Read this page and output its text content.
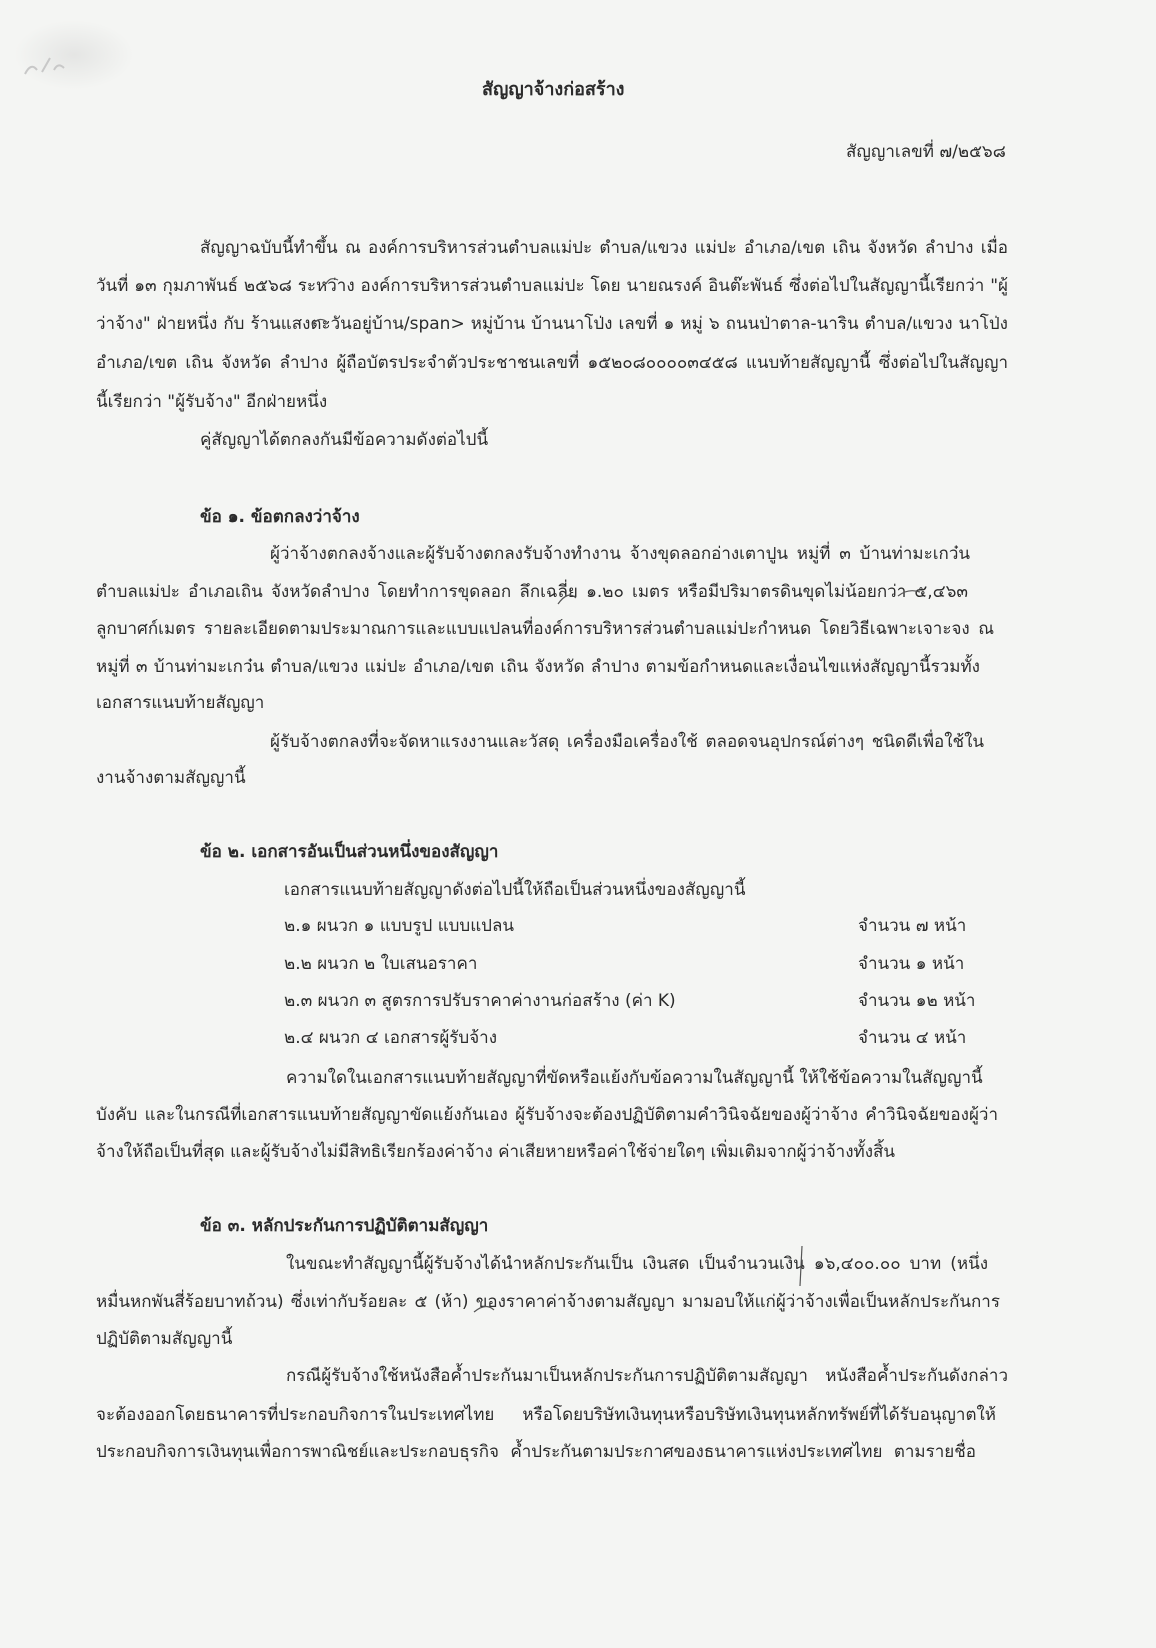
สัญญาจ้างก่อสร้าง
สัญญาเลขที่ ๗/๒๕๖๘
สัญญาฉบับนี้ทำขึ้น ณ องค์การบริหารส่วนตำบลแม่ปะ ตำบล/แขวง แม่ปะ อำเภอ/เขต เถิน จังหวัด ลำปาง เมื่อ
วันที่ ๑๓ กุมภาพันธ์ ๒๕๖๘ ระหว่าง องค์การบริหารส่วนตำบลแม่ปะ โดย นายณรงค์ อินต๊ะพันธ์ ซึ่งต่อไปในสัญญานี้เรียกว่า "ผู้
ว่าจ้าง" ฝ่ายหนึ่ง กับ ร้านแสงตะวันอยู่บ้าน/span> หมู่บ้าน บ้านนาโป่ง เลขที่ ๑ หมู่ ๖ ถนนป่าตาล-นาริน ตำบล/แขวง นาโป่ง
อำเภอ/เขต เถิน จังหวัด ลำปาง ผู้ถือบัตรประจำตัวประชาชนเลขที่ ๑๕๒๐๘๐๐๐๐๓๔๕๘ แนบท้ายสัญญานี้ ซึ่งต่อไปในสัญญา
นี้เรียกว่า "ผู้รับจ้าง" อีกฝ่ายหนึ่ง
คู่สัญญาได้ตกลงกันมีข้อความดังต่อไปนี้
ข้อ ๑. ข้อตกลงว่าจ้าง
ผู้ว่าจ้างตกลงจ้างและผู้รับจ้างตกลงรับจ้างทำงาน จ้างขุดลอกอ่างเตาปูน หมู่ที่ ๓ บ้านท่ามะเกว๋น
ตำบลแม่ปะ อำเภอเถิน จังหวัดลำปาง โดยทำการขุดลอก ลึกเฉลี่ย ๑.๒๐ เมตร หรือมีปริมาตรดินขุดไม่น้อยกว่า ๕,๔๖๓
ลูกบาศก์เมตร รายละเอียดตามประมาณการและแบบแปลนที่องค์การบริหารส่วนตำบลแม่ปะกำหนด โดยวิธีเฉพาะเจาะจง ณ
หมู่ที่ ๓ บ้านท่ามะเกว๋น ตำบล/แขวง แม่ปะ อำเภอ/เขต เถิน จังหวัด ลำปาง ตามข้อกำหนดและเงื่อนไขแห่งสัญญานี้รวมทั้ง
เอกสารแนบท้ายสัญญา
ผู้รับจ้างตกลงที่จะจัดหาแรงงานและวัสดุ เครื่องมือเครื่องใช้ ตลอดจนอุปกรณ์ต่างๆ ชนิดดีเพื่อใช้ใน
งานจ้างตามสัญญานี้
ข้อ ๒. เอกสารอันเป็นส่วนหนึ่งของสัญญา
เอกสารแนบท้ายสัญญาดังต่อไปนี้ให้ถือเป็นส่วนหนึ่งของสัญญานี้
๒.๑ ผนวก ๑ แบบรูป แบบแปลน	จำนวน ๗ หน้า
๒.๒ ผนวก ๒ ใบเสนอราคา	จำนวน ๑ หน้า
๒.๓ ผนวก ๓ สูตรการปรับราคาค่างานก่อสร้าง (ค่า K)	จำนวน ๑๒ หน้า
๒.๔ ผนวก ๔ เอกสารผู้รับจ้าง	จำนวน ๔ หน้า
ความใดในเอกสารแนบท้ายสัญญาที่ขัดหรือแย้งกับข้อความในสัญญานี้ ให้ใช้ข้อความในสัญญานี้
บังคับ และในกรณีที่เอกสารแนบท้ายสัญญาขัดแย้งกันเอง ผู้รับจ้างจะต้องปฏิบัติตามคำวินิจฉัยของผู้ว่าจ้าง คำวินิจฉัยของผู้ว่า
จ้างให้ถือเป็นที่สุด และผู้รับจ้างไม่มีสิทธิเรียกร้องค่าจ้าง ค่าเสียหายหรือค่าใช้จ่ายใดๆ เพิ่มเติมจากผู้ว่าจ้างทั้งสิ้น
ข้อ ๓. หลักประกันการปฏิบัติตามสัญญา
ในขณะทำสัญญานี้ผู้รับจ้างได้นำหลักประกันเป็น เงินสด เป็นจำนวนเงิน ๑๖,๔๐๐.๐๐ บาท (หนึ่ง
หมื่นหกพันสี่ร้อยบาทถ้วน) ซึ่งเท่ากับร้อยละ ๕ (ห้า) ของราคาค่าจ้างตามสัญญา มามอบให้แก่ผู้ว่าจ้างเพื่อเป็นหลักประกันการ
ปฏิบัติตามสัญญานี้
กรณีผู้รับจ้างใช้หนังสือค้ำประกันมาเป็นหลักประกันการปฏิบัติตามสัญญา หนังสือค้ำประกันดังกล่าว
จะต้องออกโดยธนาคารที่ประกอบกิจการในประเทศไทย หรือโดยบริษัทเงินทุนหรือบริษัทเงินทุนหลักทรัพย์ที่ได้รับอนุญาตให้
ประกอบกิจการเงินทุนเพื่อการพาณิชย์และประกอบธุรกิจ ค้ำประกันตามประกาศของธนาคารแห่งประเทศไทย ตามรายชื่อ
